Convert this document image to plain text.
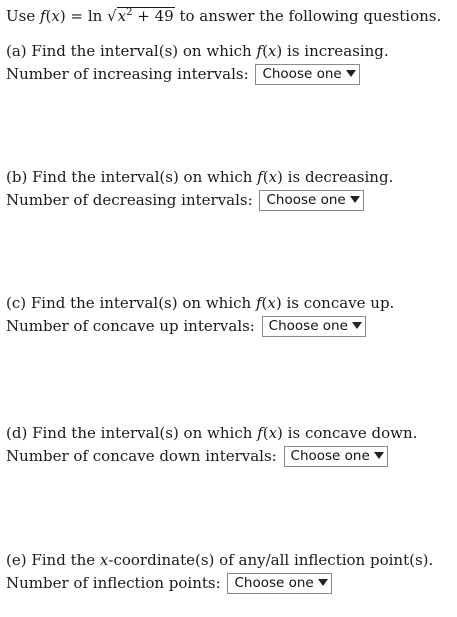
Use $f(x) = \ln √x^2 + 49$ to answer the following questions.
(a) Find the interval(s) on which f(x) is increasing.
Number of increasing intervals: Choose one
(b) Find the interval(s) on which f(x) is decreasing.
Number of decreasing intervals: Choose one
(c) Find the interval(s) on which f(x) is concave up.
Number of concave up intervals: Choose one
(d) Find the interval(s) on which f(x) is concave down.
Number of concave down intervals: Choose one
(e) Find the x-coordinate(s) of any/all inflection point(s).
Number of inflection points: Choose one
